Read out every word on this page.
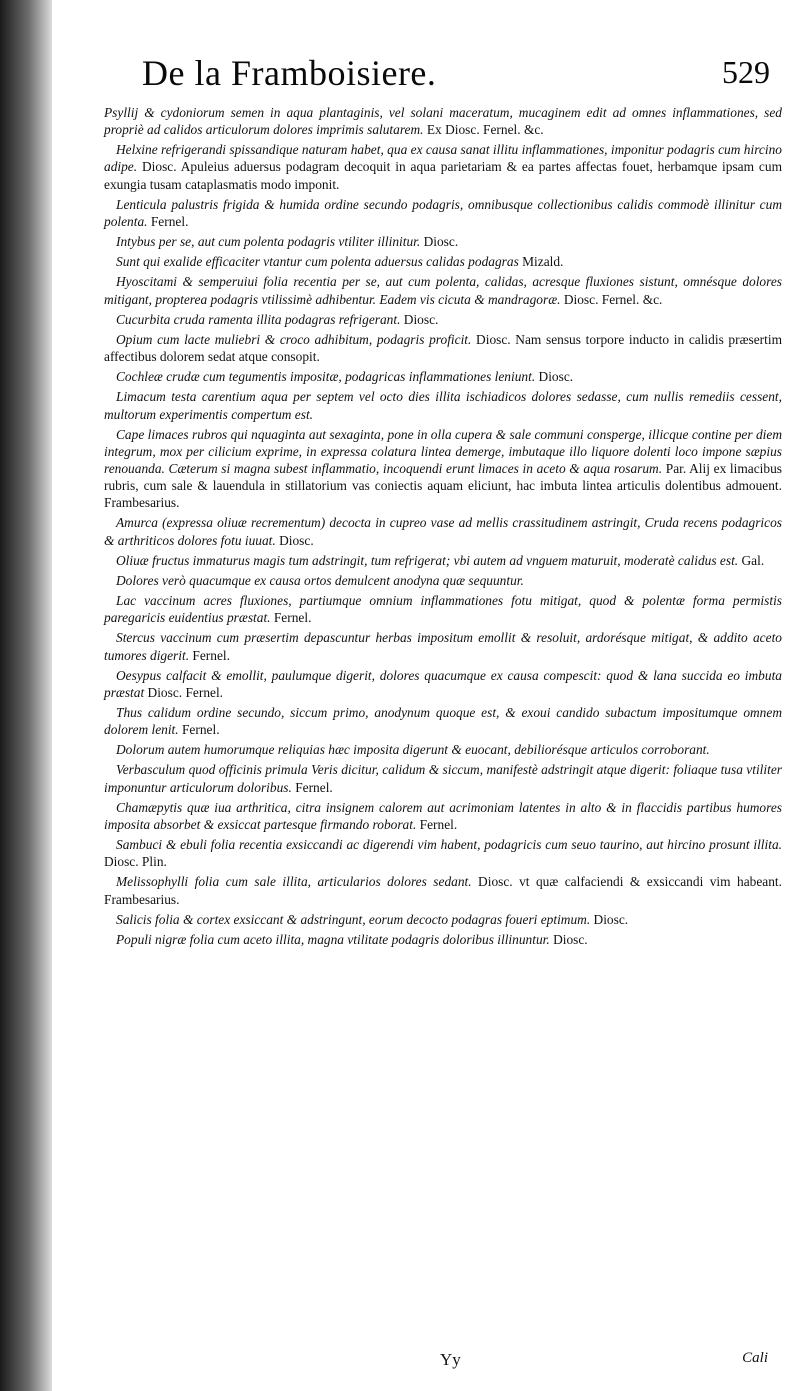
De la Framboisiere.	529

Psyllij & cydoniorum semen in aqua plantaginis, vel solani maceratum, mucaginem edit ad omnes inflammationes, sed propriè ad calidos articulorum dolores imprimis salutarem. Ex Diosc. Fernel. &c.

Helxine refrigerandi spissandique naturam habet, qua ex causa sanat illitu inflammationes, imponitur podagris cum hircino adipe. Diosc. Apuleius aduersus podagram decoquit in aqua parietariam & ea partes affectas fouet, herbamque ipsam cum exungia tusam cataplasmatis modo imponit.

Lenticula palustris frigida & humida ordine secundo podagris, omnibusque collectionibus calidis commodè illinitur cum polenta. Fernel.

Intybus per se, aut cum polenta podagris vtiliter illinitur. Diosc.

Sunt qui exalide efficaciter vtantur cum polenta aduersus calidas podagras Mizald.

Hyoscitami & semperuiui folia recentia per se, aut cum polenta, calidas, acresque fluxiones sistunt, omnésque dolores mitigant, propterea podagris vtilissimè adhibentur. Eadem vis cicuta & mandragoræ. Diosc. Fernel. &c.

Cucurbita cruda ramenta illita podagras refrigerant. Diosc.

Opium cum lacte muliebri & croco adhibitum, podagris proficit. Diosc. Nam sensus torpore inducto in calidis præsertim affectibus dolorem sedat atque consopit.

Cochleæ crudæ cum tegumentis impositæ, podagricas inflammationes leniunt. Diosc.

Limacum testa carentium aqua per septem vel octo dies illita ischiadicos dolores sedasse, cum nullis remediis cessent, multorum experimentis compertum est.

Cape limaces rubros qui nquaginta aut sexaginta, pone in olla cupera & sale communi consperge, illicque contine per diem integrum, mox per cilicium exprime, in expressa colatura lintea demerge, imbutaque illo liquore dolenti loco impone sæpius renouanda. Cæterum si magna subest inflammatio, incoquendi erunt limaces in aceto & aqua rosarum. Par. Alij ex limacibus rubris, cum sale & lauendula in stillatorium vas coniectis aquam eliciunt, hac imbuta lintea articulis dolentibus admouent. Frambesarius.

Amurca (expressa oliuæ recrementum) decocta in cupreo vase ad mellis crassitudinem astringit, Cruda recens podagricos & arthriticos dolores fotu iuuat. Diosc.

Oliuæ fructus immaturus magis tum adstringit, tum refrigerat; vbi autem ad vnguem maturuit, moderatè calidus est. Gal.

Dolores verò quacumque ex causa ortos demulcent anodyna quæ sequuntur.

Lac vaccinum acres fluxiones, partiumque omnium inflammationes fotu mitigat, quod & polentæ forma permistis paregaricis euidentius præstat. Fernel.

Stercus vaccinum cum præsertim depascuntur herbas impositum emollit & resoluit, ardorésque mitigat, & addito aceto tumores digerit. Fernel.

Oesypus calfacit & emollit, paulumque digerit, dolores quacumque ex causa compescit: quod & lana succida eo imbuta præstat Diosc. Fernel.

Thus calidum ordine secundo, siccum primo, anodynum quoque est, & exoui candido subactum impositumque omnem dolorem lenit. Fernel.

Dolorum autem humorumque reliquias hæc imposita digerunt & euocant, debiliorésque articulos corroborant.

Verbasculum quod officinis primula Veris dicitur, calidum & siccum, manifestè adstringit atque digerit: foliaque tusa vtiliter imponuntur articulorum doloribus. Fernel.

Chamæpytis quæ iua arthritica, citra insignem calorem aut acrimoniam latentes in alto & in flaccidis partibus humores imposita absorbet & exsiccat partesque firmando roborat. Fernel.

Sambuci & ebuli folia recentia exsiccandi ac digerendi vim habent, podagricis cum seuo taurino, aut hircino prosunt illita. Diosc. Plin.

Melissophylli folia cum sale illita, articularios dolores sedant. Diosc. vt quæ calfaciendi & exsiccandi vim habeant. Frambesarius.

Salicis folia & cortex exsiccant & adstringunt, eorum decocto podagras foueri eptimum. Diosc.

Populi nigræ folia cum aceto illita, magna vtilitate podagris doloribus illinuntur. Diosc.

Yy	Cali
